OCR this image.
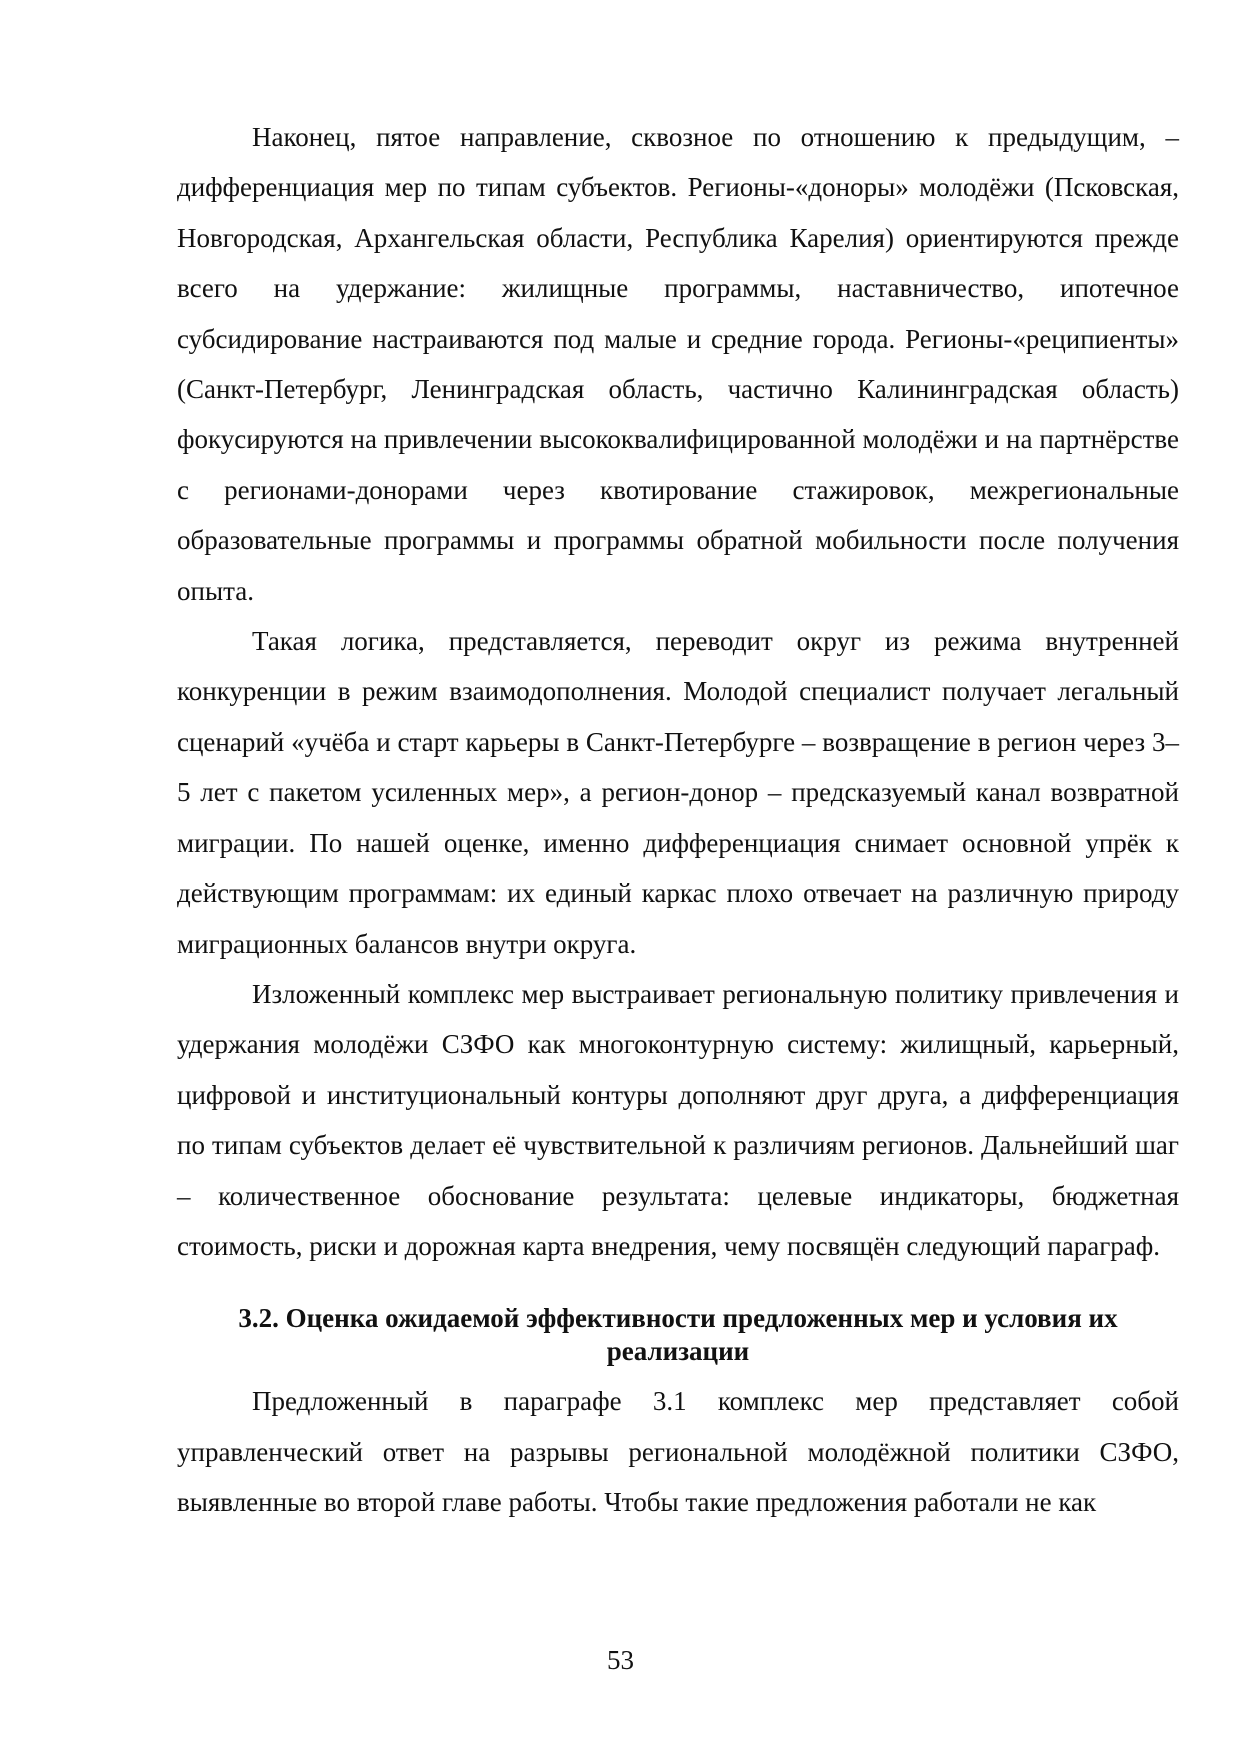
Наконец, пятое направление, сквозное по отношению к предыдущим, – дифференциация мер по типам субъектов. Регионы-«доноры» молодёжи (Псковская, Новгородская, Архангельская области, Республика Карелия) ориентируются прежде всего на удержание: жилищные программы, наставничество, ипотечное субсидирование настраиваются под малые и средние города. Регионы-«реципиенты» (Санкт-Петербург, Ленинградская область, частично Калининградская область) фокусируются на привлечении высококвалифицированной молодёжи и на партнёрстве с регионами-донорами через квотирование стажировок, межрегиональные образовательные программы и программы обратной мобильности после получения опыта.

Такая логика, представляется, переводит округ из режима внутренней конкуренции в режим взаимодополнения. Молодой специалист получает легальный сценарий «учёба и старт карьеры в Санкт-Петербурге – возвращение в регион через 3–5 лет с пакетом усиленных мер», а регион-донор – предсказуемый канал возвратной миграции. По нашей оценке, именно дифференциация снимает основной упрёк к действующим программам: их единый каркас плохо отвечает на различную природу миграционных балансов внутри округа.

Изложенный комплекс мер выстраивает региональную политику привлечения и удержания молодёжи СЗФО как многоконтурную систему: жилищный, карьерный, цифровой и институциональный контуры дополняют друг друга, а дифференциация по типам субъектов делает её чувствительной к различиям регионов. Дальнейший шаг – количественное обоснование результата: целевые индикаторы, бюджетная стоимость, риски и дорожная карта внедрения, чему посвящён следующий параграф.

3.2. Оценка ожидаемой эффективности предложенных мер и условия их реализации

Предложенный в параграфе 3.1 комплекс мер представляет собой управленческий ответ на разрывы региональной молодёжной политики СЗФО, выявленные во второй главе работы. Чтобы такие предложения работали не как

53
